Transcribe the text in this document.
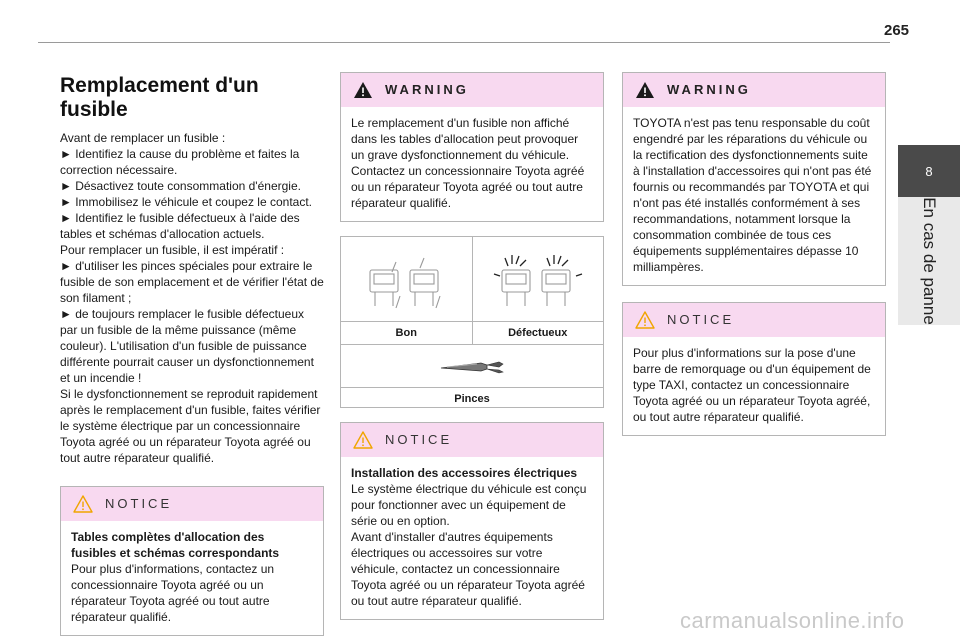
265
8
En cas de panne
Remplacement d'un fusible
Avant de remplacer un fusible :
► Identifiez la cause du problème et faites la correction nécessaire.
► Désactivez toute consommation d'énergie.
► Immobilisez le véhicule et coupez le contact.
► Identifiez le fusible défectueux à l'aide des tables et schémas d'allocation actuels.
Pour remplacer un fusible, il est impératif :
► d'utiliser les pinces spéciales pour extraire le fusible de son emplacement et de vérifier l'état de son filament ;
► de toujours remplacer le fusible défectueux par un fusible de la même puissance (même couleur). L'utilisation d'un fusible de puissance différente pourrait causer un dysfonctionnement et un incendie !
Si le dysfonctionnement se reproduit rapidement après le remplacement d'un fusible, faites vérifier le système électrique par un concessionnaire Toyota agréé ou un réparateur Toyota agréé ou tout autre réparateur qualifié.
NOTICE
Tables complètes d'allocation des fusibles et schémas correspondants
Pour plus d'informations, contactez un concessionnaire Toyota agréé ou un réparateur Toyota agréé ou tout autre réparateur qualifié.
WARNING
Le remplacement d'un fusible non affiché dans les tables d'allocation peut provoquer un grave dysfonctionnement du véhicule. Contactez un concessionnaire Toyota agréé ou un réparateur Toyota agréé ou tout autre réparateur qualifié.
Bon	Défectueux
Pinces
NOTICE
Installation des accessoires électriques
Le système électrique du véhicule est conçu pour fonctionner avec un équipement de série ou en option.
Avant d'installer d'autres équipements électriques ou accessoires sur votre véhicule, contactez un concessionnaire Toyota agréé ou un réparateur Toyota agréé ou tout autre réparateur qualifié.
WARNING
TOYOTA n'est pas tenu responsable du coût engendré par les réparations du véhicule ou la rectification des dysfonctionnements suite à l'installation d'accessoires qui n'ont pas été fournis ou recommandés par TOYOTA et qui n'ont pas été installés conformément à ses recommandations, notamment lorsque la consommation combinée de tous ces équipements supplémentaires dépasse 10 milliampères.
NOTICE
Pour plus d'informations sur la pose d'une barre de remorquage ou d'un équipement de type TAXI, contactez un concessionnaire Toyota agréé ou un réparateur Toyota agréé, ou tout autre réparateur qualifié.
carmanualsonline.info
